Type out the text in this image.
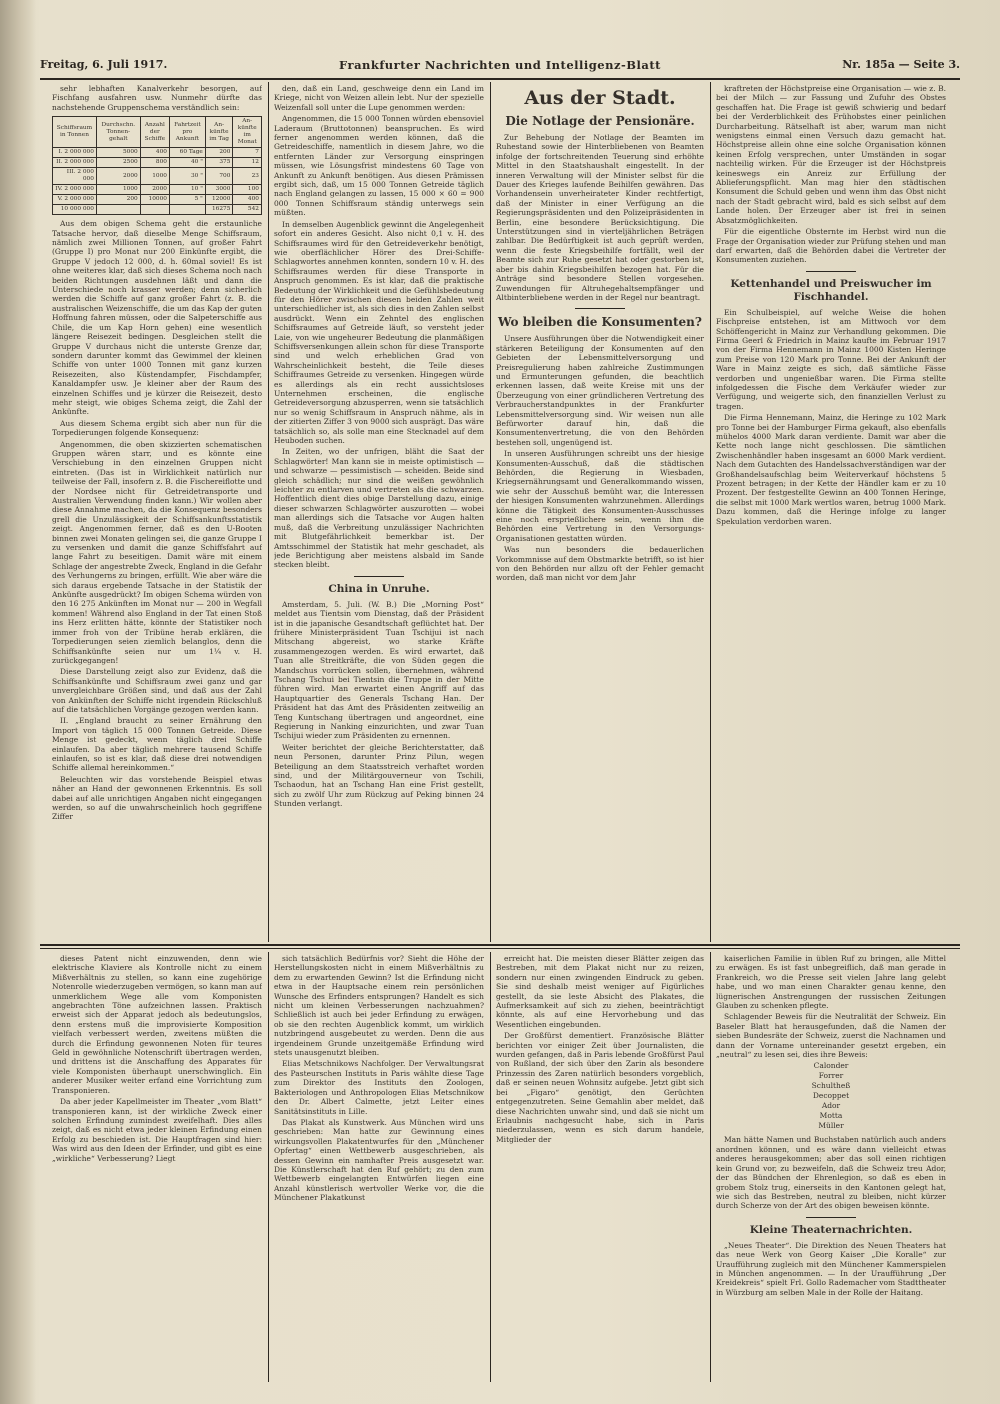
Freitag, 6. Juli 1917.	Frankfurter Nachrichten und Intelligenz-Blatt	Nr. 185a — Seite 3.

sehr lebhaften Kanalverkehr besorgen, auf Fischfang ausfahren usw. Nunmehr dürfte das nachstehende Gruppenschema verständlich sein:

Schiffsraum in Tonnen	Durchschn. Tonnen-gehalt	Anzahl der Schiffe	Fahrtzeit pro Ankunft	An-künfte im Tag	An-künfte im Monat
I. 2 000 000	5000	400	60 Tage	200	7
II. 2 000 000	2500	800	40 "	375	12
III. 2 000 000	2000	1000	30 "	700	23
IV. 2 000 000	1000	2000	10 "	3000	100
V. 2 000 000	200	10000	5 "	12000	400
10 000 000				16275	542

Aus dem obigen Schema geht die erstaunliche Tatsache hervor, daß dieselbe Menge Schiffsraum, nämlich zwei Millionen Tonnen, auf großer Fahrt (Gruppe I) pro Monat nur 200 Einkünfte ergibt, die Gruppe V jedoch 12 000, d. h. 60mal soviel! Es ist ohne weiteres klar, daß sich dieses Schema noch nach beiden Richtungen ausdehnen läßt und dann die Unterschiede noch krasser werden; denn sicherlich werden die Schiffe auf ganz großer Fahrt (z. B. die australischen Weizenschiffe, die um das Kap der guten Hoffnung fahren müssen, oder die Salpeterschiffe aus Chile, die um Kap Horn gehen) eine wesentlich längere Reisezeit bedingen. Desgleichen stellt die Gruppe V durchaus nicht die unterste Grenze dar, sondern darunter kommt das Gewimmel der kleinen Schiffe von unter 1000 Tonnen mit ganz kurzen Reisezeiten, also Küstendampfer, Fischdampfer, Kanaldampfer usw. Je kleiner aber der Raum des einzelnen Schiffes und je kürzer die Reisezeit, desto mehr steigt, wie obiges Schema zeigt, die Zahl der Ankünfte.

Aus diesem Schema ergibt sich aber nun für die Torpedierungen folgende Konsequenz:

Angenommen, die oben skizzierten schematischen Gruppen wären starr, und es könnte eine Verschiebung in den einzelnen Gruppen nicht eintreten. (Das ist in Wirklichkeit natürlich nur teilweise der Fall, insofern z. B. die Fischereiflotte und der Nordsee nicht für Getreidetransporte und Australien Verwendung finden kann.) Wir wollen aber diese Annahme machen, da die Konsequenz besonders grell die Unzulässigkeit der Schiffsankunftsstatistik zeigt. Angenommen ferner, daß es den U-Booten binnen zwei Monaten gelingen sei, die ganze Gruppe I zu versenken und damit die ganze Schiffsfahrt auf lange Fahrt zu beseitigen. Damit wäre mit einem Schlage der angestrebte Zweck, England in die Gefahr des Verhungerns zu bringen, erfüllt. Wie aber wäre die sich daraus ergebende Tatsache in der Statistik der Ankünfte ausgedrückt? Im obigen Schema würden von den 16 275 Ankünften im Monat nur — 200 in Wegfall kommen! Während also England in der Tat einen Stoß ins Herz erlitten hätte, könnte der Statistiker noch immer froh von der Tribüne herab erklären, die Torpedierungen seien ziemlich belanglos, denn die Schiffsankünfte seien nur um 1¼ v. H. zurückgegangen!

Diese Darstellung zeigt also zur Evidenz, daß die Schiffsankünfte und Schiffsraum zwei ganz und gar unvergleichbare Größen sind, und daß aus der Zahl von Ankünften der Schiffe nicht irgendein Rückschluß auf die tatsächlichen Vorgänge gezogen werden kann.

II. „England braucht zu seiner Ernährung den Import von täglich 15 000 Tonnen Getreide. Diese Menge ist gedeckt, wenn täglich drei Schiffe einlaufen. Da aber täglich mehrere tausend Schiffe einlaufen, so ist es klar, daß diese drei notwendigen Schiffe allemal hereinkommen.“

Beleuchten wir das vorstehende Beispiel etwas näher an Hand der gewonnenen Erkenntnis. Es soll dabei auf alle unrichtigen Angaben nicht eingegangen werden, so auf die unwahrscheinlich hoch gegriffene Ziffer

den, daß ein Land, geschweige denn ein Land im Kriege, nicht von Weizen allein lebt. Nur der spezielle Weizenfall soll unter die Lupe genommen werden:

Angenommen, die 15 000 Tonnen würden ebensoviel Laderaum (Bruttotonnen) beanspruchen. Es wird ferner angenommen werden können, daß die Getreideschiffe, namentlich in diesem Jahre, wo die entfernten Länder zur Versorgung einspringen müssen, wie Lösungsfrist mindestens 60 Tage von Ankunft zu Ankunft benötigen. Aus diesen Prämissen ergibt sich, daß, um 15 000 Tonnen Getreide täglich nach England gelangen zu lassen, 15 000 × 60 = 900 000 Tonnen Schiffsraum ständig unterwegs sein müßten.

In demselben Augenblick gewinnt die Angelegenheit sofort ein anderes Gesicht. Also nicht 0,1 v. H. des Schiffsraumes wird für den Getreideverkehr benötigt, wie oberflächlicher Hörer des Drei-Schiffe-Schlagwortes annehmen konnten, sondern 10 v. H. des Schiffsraumes werden für diese Transporte in Anspruch genommen. Es ist klar, daß die praktische Bedeutung der Wirklichkeit und die Gefühlsbedeutung für den Hörer zwischen diesen beiden Zahlen weit unterschiedlicher ist, als sich dies in den Zahlen selbst ausdrückt. Wenn ein Zehntel des englischen Schiffsraumes auf Getreide läuft, so versteht jeder Laie, von wie ungeheurer Bedeutung die planmäßigen Schiffsversenkungen allein schon für diese Transporte sind und welch erheblichen Grad von Wahrscheinlichkeit besteht, die Teile dieses Schiffraumes Getreide zu versenken. Hingegen würde es allerdings als ein recht aussichtsloses Unternehmen erscheinen, die englische Getreideversorgung abzusperren, wenn sie tatsächlich nur so wenig Schiffsraum in Anspruch nähme, als in der zitierten Ziffer 3 von 9000 sich ausprägt. Das wäre tatsächlich so, als solle man eine Stecknadel auf dem Heuboden suchen.

In Zeiten, wo der unfrigen, bläht die Saat der Schlagwörter! Man kann sie in meiste optimistisch — und schwarze — pessimistisch — scheiden. Beide sind gleich schädlich; nur sind die weißen gewöhnlich leichter zu entlarven und vertreten als die schwarzen. Hoffentlich dient dies obige Darstellung dazu, einige dieser schwarzen Schlagwörter auszurotten — wobei man allerdings sich die Tatsache vor Augen halten muß, daß die Verbreitung unzulässiger Nachrichten mit Blutgefährlichkeit bemerkbar ist. Der Amtsschimmel der Statistik hat mehr geschadet, als jede Berichtigung aber meistens alsbald im Sande stecken bleibt.

China in Unruhe.

Amsterdam, 5. Juli. (W. B.) Die „Morning Post“ meldet aus Tientsin vom Dienstag, daß der Präsident ist in die japanische Gesandtschaft geflüchtet hat. Der frühere Ministerpräsident Tuan Tschijui ist nach Mitschang abgereist, wo starke Kräfte zusammengezogen werden. Es wird erwartet, daß Tuan alle Streitkräfte, die von Süden gegen die Mandschus vorrücken sollen, übernehmen, während Tschang Tschui bei Tientsin die Truppe in der Mitte führen wird. Man erwartet einen Angriff auf das Hauptquartier des Generals Tschang Han. Der Präsident hat das Amt des Präsidenten zeitweilig an Teng Kuntschang übertragen und angeordnet, eine Regierung in Nanking einzurichten, und zwar Tuan Tschijui wieder zum Präsidenten zu ernennen.

Weiter berichtet der gleiche Berichterstatter, daß neun Personen, darunter Prinz Pilun, wegen Beteiligung an dem Staatsstreich verhaftet worden sind, und der Militärgouverneur von Tschili, Tschaodun, hat an Tschang Han eine Frist gestellt, sich zu zwölf Uhr zum Rückzug auf Peking binnen 24 Stunden verlangt.

Aus der Stadt.
Die Notlage der Pensionäre.

Zur Behebung der Notlage der Beamten im Ruhestand sowie der Hinterbliebenen von Beamten infolge der fortschreitenden Teuerung sind erhöhte Mittel in den Staatshaushalt eingestellt. In der inneren Verwaltung will der Minister selbst für die Dauer des Krieges laufende Beihilfen gewähren. Das Vorhandensein unverheirateter Kinder rechtfertigt, daß der Minister in einer Verfügung an die Regierungspräsidenten und den Polizeipräsidenten in Berlin, eine besondere Berücksichtigung. Die Unterstützungen sind in vierteljährlichen Beträgen zahlbar. Die Bedürftigkeit ist auch geprüft werden, wenn die feste Kriegsbeihilfe fortfällt, weil der Beamte sich zur Ruhe gesetzt hat oder gestorben ist, aber bis dahin Kriegsbeihilfen bezogen hat. Für die Anträge sind besondere Stellen vorgesehen. Zuwendungen für Altruhegehaltsempfänger und Altbinterbliebene werden in der Regel nur beantragt.

Wo bleiben die Konsumenten?

Unsere Ausführungen über die Notwendigkeit einer stärkeren Beteiligung der Konsumenten auf den Gebieten der Lebensmittelversorgung und Preisregulierung haben zahlreiche Zustimmungen und Ermunterungen gefunden, die beachtlich erkennen lassen, daß weite Kreise mit uns der Überzeugung von einer gründlicheren Vertretung des Verbraucherstandpunktes in der Frankfurter Lebensmittelversorgung sind. Wir weisen nun alle Befürworter darauf hin, daß die Konsumentenvertretung, die von den Behörden bestehen soll, ungenügend ist.

In unseren Ausführungen schreibt uns der hiesige Konsumenten-Ausschuß, daß die städtischen Behörden, die Regierung in Wiesbaden, Kriegsernährungsamt und Generalkommando wissen, wie sehr der Ausschuß bemüht war, die Interessen der hiesigen Konsumenten wahrzunehmen. Allerdings könne die Tätigkeit des Konsumenten-Ausschusses eine noch ersprießlichere sein, wenn ihm die Behörden eine Vertretung in den Versorgungs-Organisationen gestatten würden.

Was nun besonders die bedauerlichen Vorkommnisse auf dem Obstmarkte betrifft, so ist hier von den Behörden nur allzu oft der Fehler gemacht worden, daß man nicht vor dem Jahr

kraftreten der Höchstpreise eine Organisation — wie z. B. bei der Milch — zur Fassung und Zufuhr des Obstes geschaffen hat. Die Frage ist gewiß schwierig und bedarf bei der Verderblichkeit des Frühobstes einer peinlichen Durcharbeitung. Rätselhaft ist aber, warum man nicht wenigstens einmal einen Versuch dazu gemacht hat. Höchstpreise allein ohne eine solche Organisation können keinen Erfolg versprechen, unter Umständen in sogar nachteilig wirken. Für die Erzeuger ist der Höchstpreis keineswegs ein Anreiz zur Erfüllung der Ablieferungspflicht. Man mag hier den städtischen Konsument die Schuld geben und wenn ihm das Obst nicht nach der Stadt gebracht wird, bald es sich selbst auf dem Lande holen. Der Erzeuger aber ist frei in seinen Absatzmöglichkeiten.

Für die eigentliche Obsternte im Herbst wird nun die Frage der Organisation wieder zur Prüfung stehen und man darf erwarten, daß die Behörden dabei die Vertreter der Konsumenten zuziehen.

Kettenhandel und Preiswucher im Fischhandel.

Ein Schulbeispiel, auf welche Weise die hohen Fischpreise entstehen, ist am Mittwoch vor dem Schöffengericht in Mainz zur Verhandlung gekommen. Die Firma Geerl & Friedrich in Mainz kaufte im Februar 1917 von der Firma Hennemann in Mainz 1000 Kisten Heringe zum Preise von 120 Mark pro Tonne. Bei der Ankunft der Ware in Mainz zeigte es sich, daß sämtliche Fässe verdorben und ungenießbar waren. Die Firma stellte infolgedessen die Fische dem Verkäufer wieder zur Verfügung, und weigerte sich, den finanziellen Verlust zu tragen.

Die Firma Hennemann, Mainz, die Heringe zu 102 Mark pro Tonne bei der Hamburger Firma gekauft, also ebenfalls mühelos 4000 Mark daran verdiente. Damit war aber die Kette noch lange nicht geschlossen. Die sämtlichen Zwischenhändler haben insgesamt an 6000 Mark verdient. Nach dem Gutachten des Handelssachverständigen war der Großhandelsaufschlag beim Weiterverkauf höchstens 5 Prozent betragen; in der Kette der Händler kam er zu 10 Prozent. Der festgestellte Gewinn an 400 Tonnen Heringe, die selbst mit 1000 Mark wertlos waren, betrug 1000 Mark. Dazu kommen, daß die Heringe infolge zu langer Spekulation verdorben waren.

dieses Patent nicht einzuwenden, denn wie elektrische Klaviere als Kontrolle nicht zu einem Mißverhältnis zu stellen, so kann eine zugehörige Notenrolle wiederzugeben vermögen, so kann man auf unmerklichem Wege alle vom Komponisten angebrachten Töne aufzeichnen lassen. Praktisch erweist sich der Apparat jedoch als bedeutungslos, denn erstens muß die improvisierte Komposition vielfach verbessert werden, zweitens müßten die durch die Erfindung gewonnenen Noten für teures Geld in gewöhnliche Notenschrift übertragen werden, und drittens ist die Anschaffung des Apparates für viele Komponisten überhaupt unerschwinglich. Ein anderer Musiker weiter erfand eine Vorrichtung zum Transponieren.

Da aber jeder Kapellmeister im Theater „vom Blatt“ transponieren kann, ist der wirkliche Zweck einer solchen Erfindung zumindest zweifelhaft. Dies alles zeigt, daß es nicht etwa jeder kleinen Erfindung einen Erfolg zu beschieden ist. Die Hauptfragen sind hier: Was wird aus den Ideen der Erfinder, und gibt es eine „wirkliche“ Verbesserung? Liegt

sich tatsächlich Bedürfnis vor? Sieht die Höhe der Herstellungskosten nicht in einem Mißverhältnis zu dem zu erwartenden Gewinn? Ist die Erfindung nicht etwa in der Hauptsache einem rein persönlichen Wunsche des Erfinders entsprungen? Handelt es sich nicht um kleinen Verbesserungen nachzuahmen? Schließlich ist auch bei jeder Erfindung zu erwägen, ob sie den rechten Augenblick kommt, um wirklich nutzbringend ausgebeutet zu werden. Denn die aus irgendeinem Grunde unzeitgemäße Erfindung wird stets unausgenutzt bleiben.

Elias Metschnikows Nachfolger. Der Verwaltungsrat des Pasteurschen Instituts in Paris wählte diese Tage zum Direktor des Instituts den Zoologen, Bakteriologen und Anthropologen Elias Metschnikow den Dr. Albert Calmette, jetzt Leiter eines Sanitätsinstituts in Lille.

Das Plakat als Kunstwerk. Aus München wird uns geschrieben: Man hatte zur Gewinnung eines wirkungsvollen Plakatentwurfes für den „Münchener Opfertag“ einen Wettbewerb ausgeschrieben, als dessen Gewinn ein namhafter Preis ausgesetzt war. Die Künstlerschaft hat den Ruf gehört; zu den zum Wettbewerb eingelangten Entwürfen liegen eine Anzahl künstlerisch wertvoller Werke vor, die die Münchener Plakatkunst

erreicht hat. Die meisten dieser Blätter zeigen das Bestreben, mit dem Plakat nicht nur zu reizen, sondern nur einen zwingenden Eindruck zu geben. Sie sind deshalb meist weniger auf Figürliches gestellt, da sie leste Absicht des Plakates, die Aufmerksamkeit auf sich zu ziehen, beeinträchtigt könnte, als auf eine Hervorhebung und das Wesentlichen eingebunden.

Der Großfürst dementiert. Französische Blätter berichten vor einiger Zeit über Journalisten, die wurden gefangen, daß in Paris lebende Großfürst Paul von Rußland, der sich über den Zarin als besondere Prinzessin des Zaren natürlich besonders vorgeblich, daß er seinen neuen Wohnsitz aufgebe. Jetzt gibt sich bei „Figaro“ genötigt, den Gerüchten entgegenzutreten. Seine Gemahlin aber meldet, daß diese Nachrichten unwahr sind, und daß sie nicht um Erlaubnis nachgesucht habe, sich in Paris niederzulassen, wenn es sich darum handele, Mitglieder der

kaiserlichen Familie in üblen Ruf zu bringen, alle Mittel zu erwägen. Es ist fast unbegreiflich, daß man gerade in Frankreich, wo die Presse seit vielen Jahre lang gelebt habe, und wo man einen Charakter genau kenne, den lügnerischen Anstrengungen der russischen Zeitungen Glauben zu schenken pflegte.

Schlagender Beweis für die Neutralität der Schweiz. Ein Baseler Blatt hat herausgefunden, daß die Namen der sieben Bundesräte der Schweiz, zuerst die Nachnamen und dann der Vorname untereinander gesetzt ergeben, ein „neutral“ zu lesen sei, dies ihre Beweis:

Calonder
Forrer
Schultheß
Decoppet
Ador
Motta
Müller

Man hätte Namen und Buchstaben natürlich auch anders anordnen können, und es wäre dann vielleicht etwas anderes herausgekommen; aber das soll einen richtigen kein Grund vor, zu bezweifeln, daß die Schweiz treu Ador, der das Bündchen der Ehrenlegion, so daß es eben in grobem Stolz trug, einerseits in den Kantonen gelegt hat, wie sich das Bestreben, neutral zu bleiben, nicht kürzer durch Scherze von der Art des obigen beweisen könnte.

Kleine Theaternachrichten.

„Neues Theater“. Die Direktion des Neuen Theaters hat das neue Werk von Georg Kaiser „Die Koralle“ zur Uraufführung zugleich mit den Münchener Kammerspielen in München angenommen. — In der Uraufführung „Der Kreidekreis“ spielt Frl. Gollo Rademacher vom Stadttheater in Würzburg am selben Male in der Rolle der Haitang.
